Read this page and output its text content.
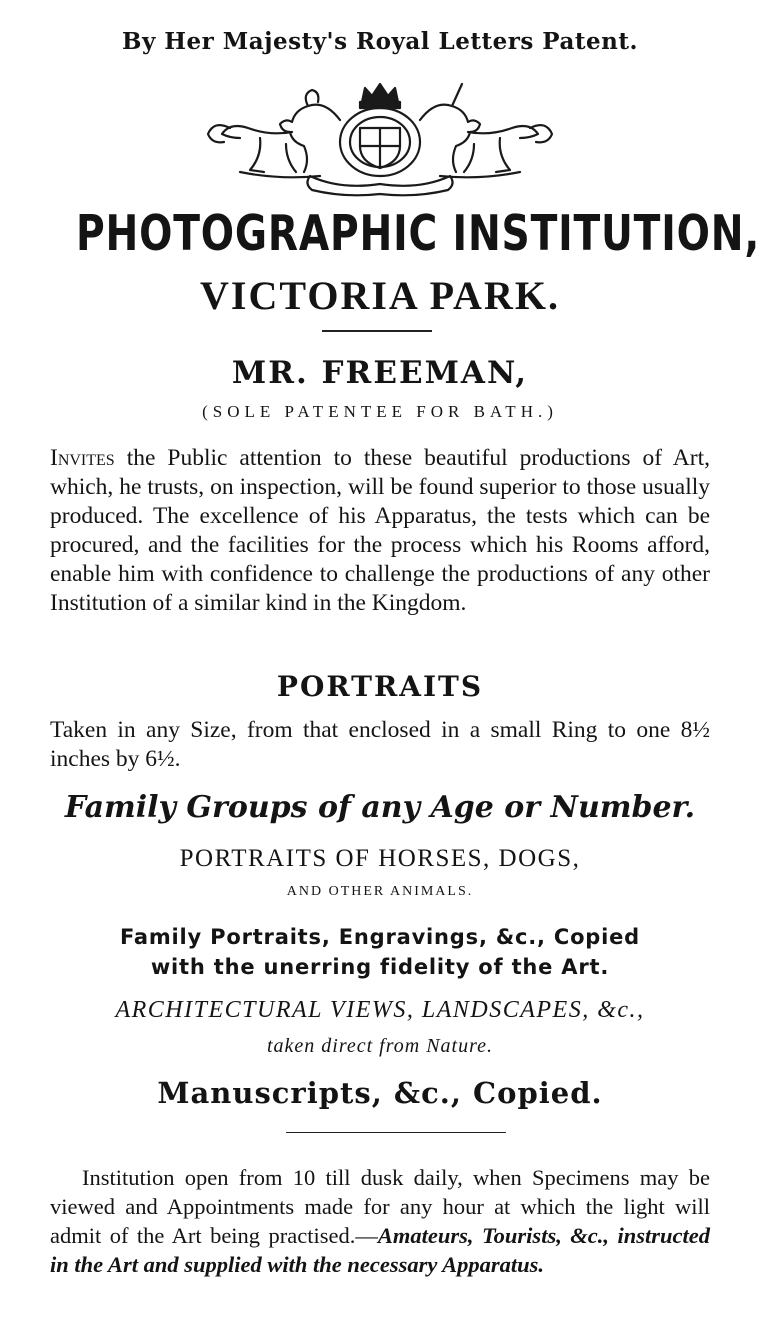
By Her Majesty's Royal Letters Patent.
PHOTOGRAPHIC INSTITUTION,
VICTORIA PARK.
MR. FREEMAN,
(SOLE PATENTEE FOR BATH.)
Invites the Public attention to these beautiful productions of Art, which, he trusts, on inspection, will be found superior to those usually produced. The excellence of his Apparatus, the tests which can be procured, and the facilities for the process which his Rooms afford, enable him with confidence to challenge the productions of any other Institution of a similar kind in the Kingdom.
PORTRAITS
Taken in any Size, from that enclosed in a small Ring to one 8½ inches by 6½.
Family Groups of any Age or Number.
PORTRAITS OF HORSES, DOGS,
AND OTHER ANIMALS.
Family Portraits, Engravings, &c., Copied
with the unerring fidelity of the Art.
ARCHITECTURAL VIEWS, LANDSCAPES, &c.,
taken direct from Nature.
Manuscripts, &c., Copied.
Institution open from 10 till dusk daily, when Specimens may be viewed and Appointments made for any hour at which the light will admit of the Art being practised.—Amateurs, Tourists, &c., instructed in the Art and supplied with the necessary Apparatus.
